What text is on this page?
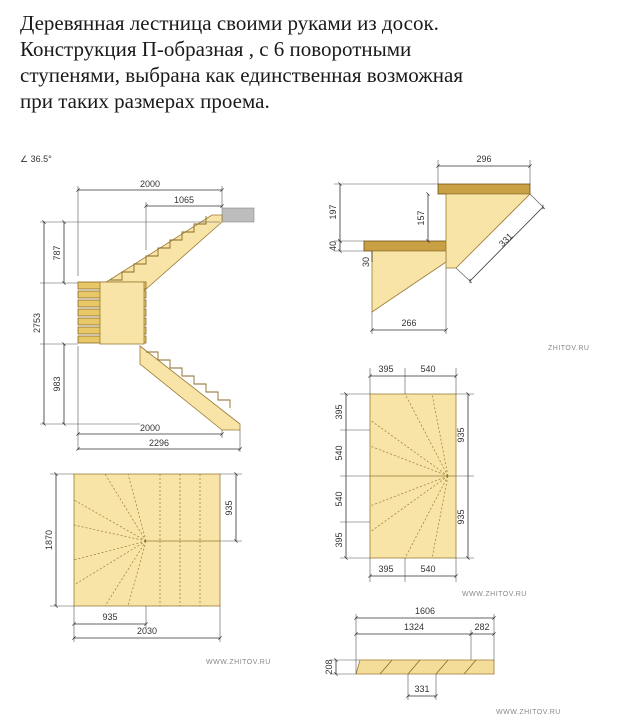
Деревянная лестница своими руками из досок.
Конструкция П-образная , с 6 поворотными
ступенями, выбрана как единственная возможная
при таких размерах проема.
∠ 36.5°
2000
1065
787
2753
983
2000
2296
296
197
40
157
30
331
266
ZHITOV.RU
395	540
395
540
540
395
935
935
395	540
WWW.ZHITOV.RU
1870
935
935
2030
WWW.ZHITOV.RU
1606
1324	282
208
331
WWW.ZHITOV.RU
